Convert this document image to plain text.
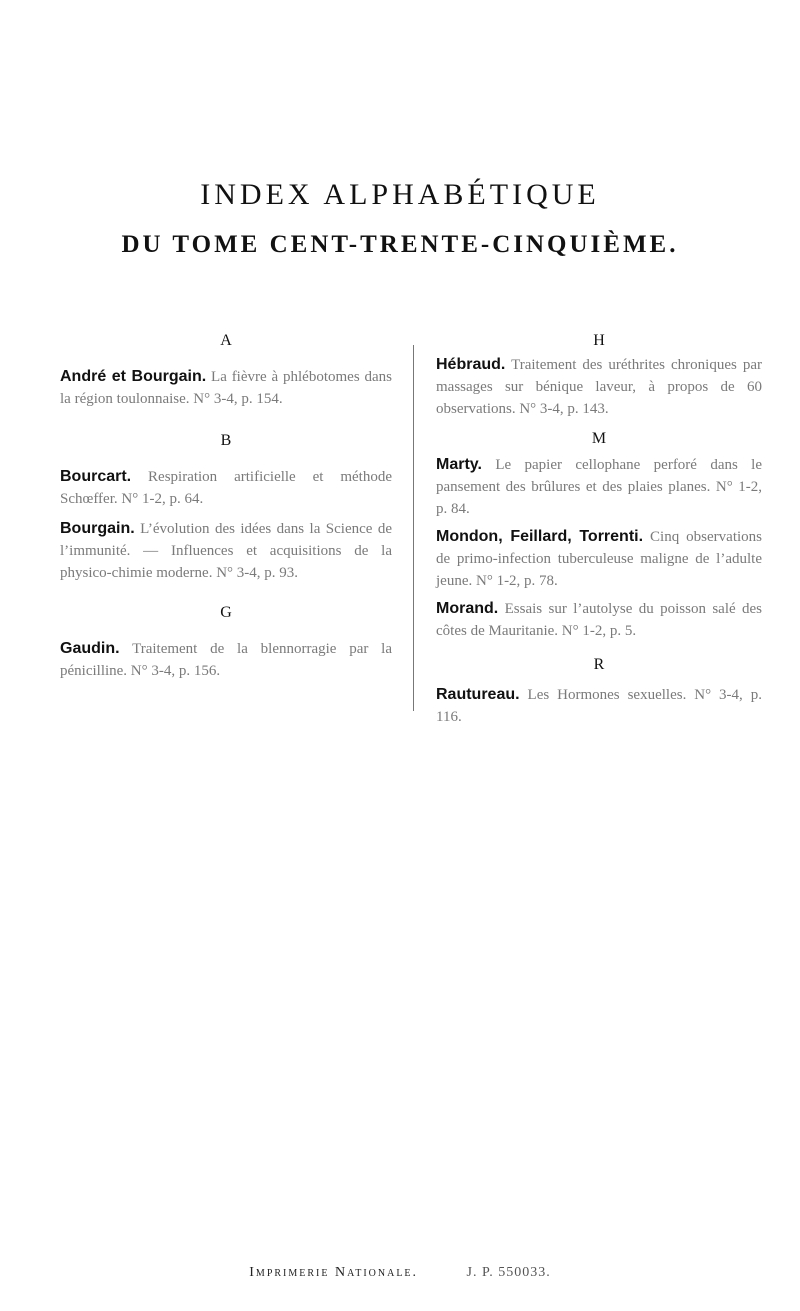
INDEX ALPHABÉTIQUE
DU TOME CENT-TRENTE-CINQUIÈME.

A

André et Bourgain. La fièvre à phlébotomes dans la région toulonnaise. N° 3-4, p. 154.

B

Bourcart. Respiration artificielle et méthode Schœffer. N° 1-2, p. 64.

Bourgain. L’évolution des idées dans la Science de l’immunité. — Influences et acquisitions de la physico-chimie moderne. N° 3-4, p. 93.

G

Gaudin. Traitement de la blennorragie par la pénicilline. N° 3-4, p. 156.

H

Hébraud. Traitement des uréthrites chroniques par massages sur bénique laveur, à propos de 60 observations. N° 3-4, p. 143.

M

Marty. Le papier cellophane perforé dans le pansement des brûlures et des plaies planes. N° 1-2, p. 84.

Mondon, Feillard, Torrenti. Cinq observations de primo-infection tuberculeuse maligne de l’adulte jeune. N° 1-2, p. 78.

Morand. Essais sur l’autolyse du poisson salé des côtes de Mauritanie. N° 1-2, p. 5.

R

Rautureau. Les Hormones sexuelles. N° 3-4, p. 116.

Imprimerie Nationale.	J. P. 550033.
